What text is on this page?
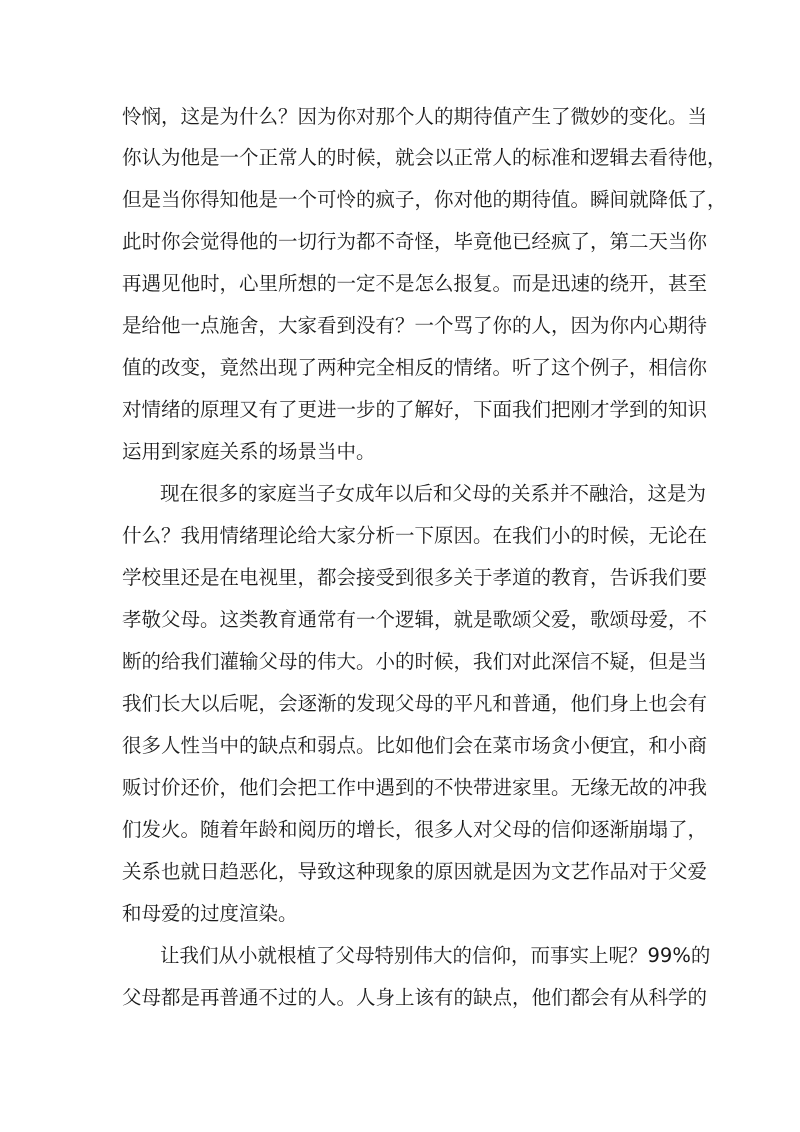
怜悯，这是为什么？因为你对那个人的期待值产生了微妙的变化。当
你认为他是一个正常人的时候，就会以正常人的标准和逻辑去看待他，
但是当你得知他是一个可怜的疯子，你对他的期待值。瞬间就降低了，
此时你会觉得他的一切行为都不奇怪，毕竟他已经疯了，第二天当你
再遇见他时，心里所想的一定不是怎么报复。而是迅速的绕开，甚至
是给他一点施舍，大家看到没有？一个骂了你的人，因为你内心期待
值的改变，竟然出现了两种完全相反的情绪。听了这个例子，相信你
对情绪的原理又有了更进一步的了解好，下面我们把刚才学到的知识
运用到家庭关系的场景当中。
现在很多的家庭当子女成年以后和父母的关系并不融洽，这是为
什么？我用情绪理论给大家分析一下原因。在我们小的时候，无论在
学校里还是在电视里，都会接受到很多关于孝道的教育，告诉我们要
孝敬父母。这类教育通常有一个逻辑，就是歌颂父爱，歌颂母爱，不
断的给我们灌输父母的伟大。小的时候，我们对此深信不疑，但是当
我们长大以后呢，会逐渐的发现父母的平凡和普通，他们身上也会有
很多人性当中的缺点和弱点。比如他们会在菜市场贪小便宜，和小商
贩讨价还价，他们会把工作中遇到的不快带进家里。无缘无故的冲我
们发火。随着年龄和阅历的增长，很多人对父母的信仰逐渐崩塌了，
关系也就日趋恶化，导致这种现象的原因就是因为文艺作品对于父爱
和母爱的过度渲染。
让我们从小就根植了父母特别伟大的信仰，而事实上呢？99%的
父母都是再普通不过的人。人身上该有的缺点，他们都会有从科学的
